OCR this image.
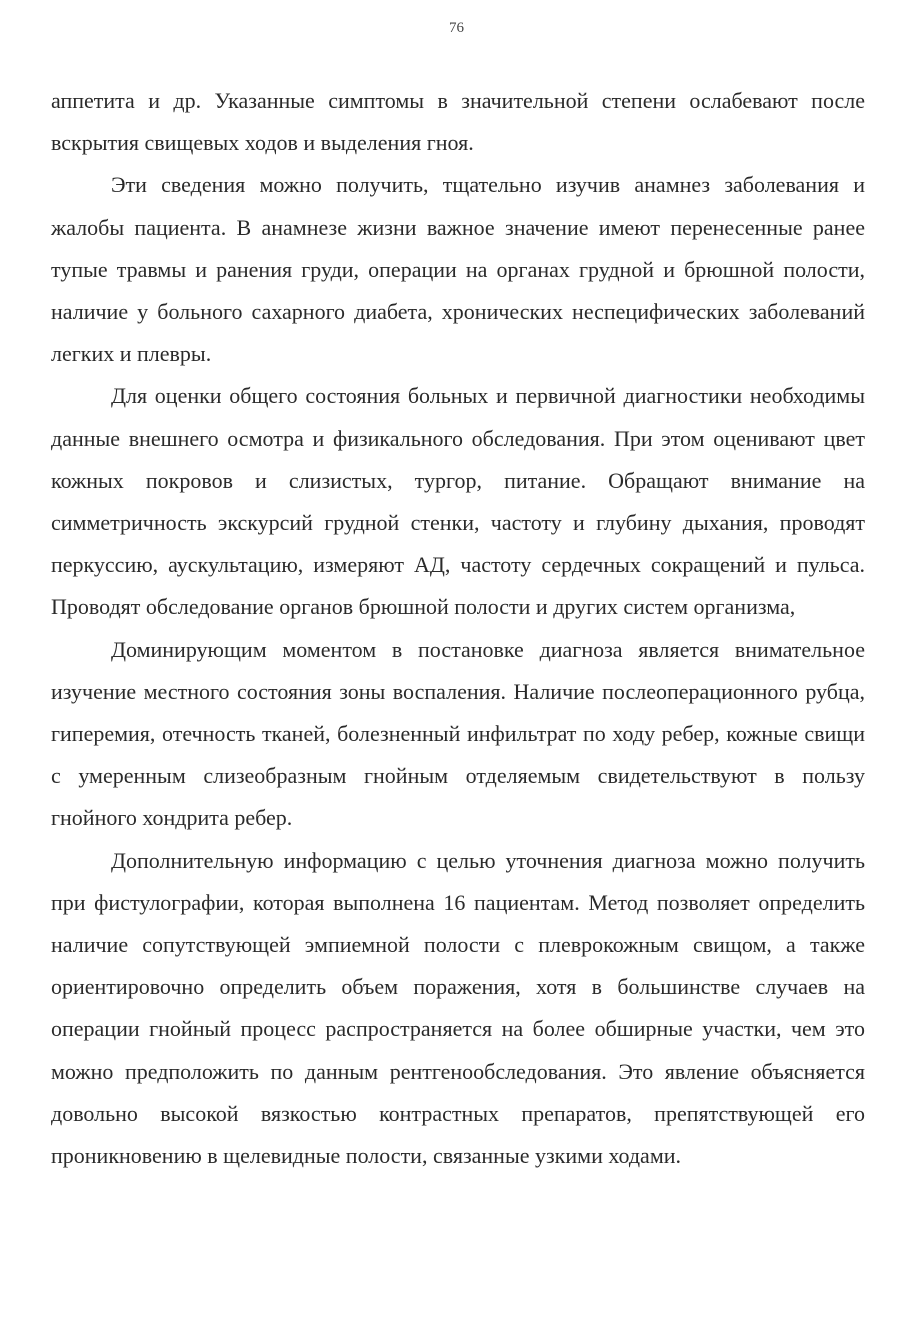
76

аппетита и др. Указанные симптомы в значительной степени ослабевают после вскрытия свищевых ходов и выделения гноя.

Эти сведения можно получить, тщательно изучив анамнез заболевания и жалобы пациента. В анамнезе жизни важное значение имеют перенесенные ранее тупые травмы и ранения груди, операции на органах грудной и брюшной полости, наличие у больного сахарного диабета, хронических неспецифических заболеваний легких и плевры.

Для оценки общего состояния больных и первичной диагностики необходимы данные внешнего осмотра и физикального обследования. При этом оценивают цвет кожных покровов и слизистых, тургор, питание. Обращают внимание на симметричность экскурсий грудной стенки, частоту и глубину дыхания, проводят перкуссию, аускультацию, измеряют АД, частоту сердечных сокращений и пульса. Проводят обследование органов брюшной полости и других систем организма,

Доминирующим моментом в постановке диагноза является внимательное изучение местного состояния зоны воспаления. Наличие послеоперационного рубца, гиперемия, отечность тканей, болезненный инфильтрат по ходу ребер, кожные свищи с умеренным слизеобразным гнойным отделяемым свидетельствуют в пользу гнойного хондрита ребер.

Дополнительную информацию с целью уточнения диагноза можно получить при фистулографии, которая выполнена 16 пациентам. Метод позволяет определить наличие сопутствующей эмпиемной полости с плеврокожным свищом, а также ориентировочно определить объем поражения, хотя в большинстве случаев на операции гнойный процесс распространяется на более обширные участки, чем это можно предположить по данным рентгенообследования. Это явление объясняется довольно высокой вязкостью контрастных препаратов, препятствующей его проникновению в щелевидные полости, связанные узкими ходами.
